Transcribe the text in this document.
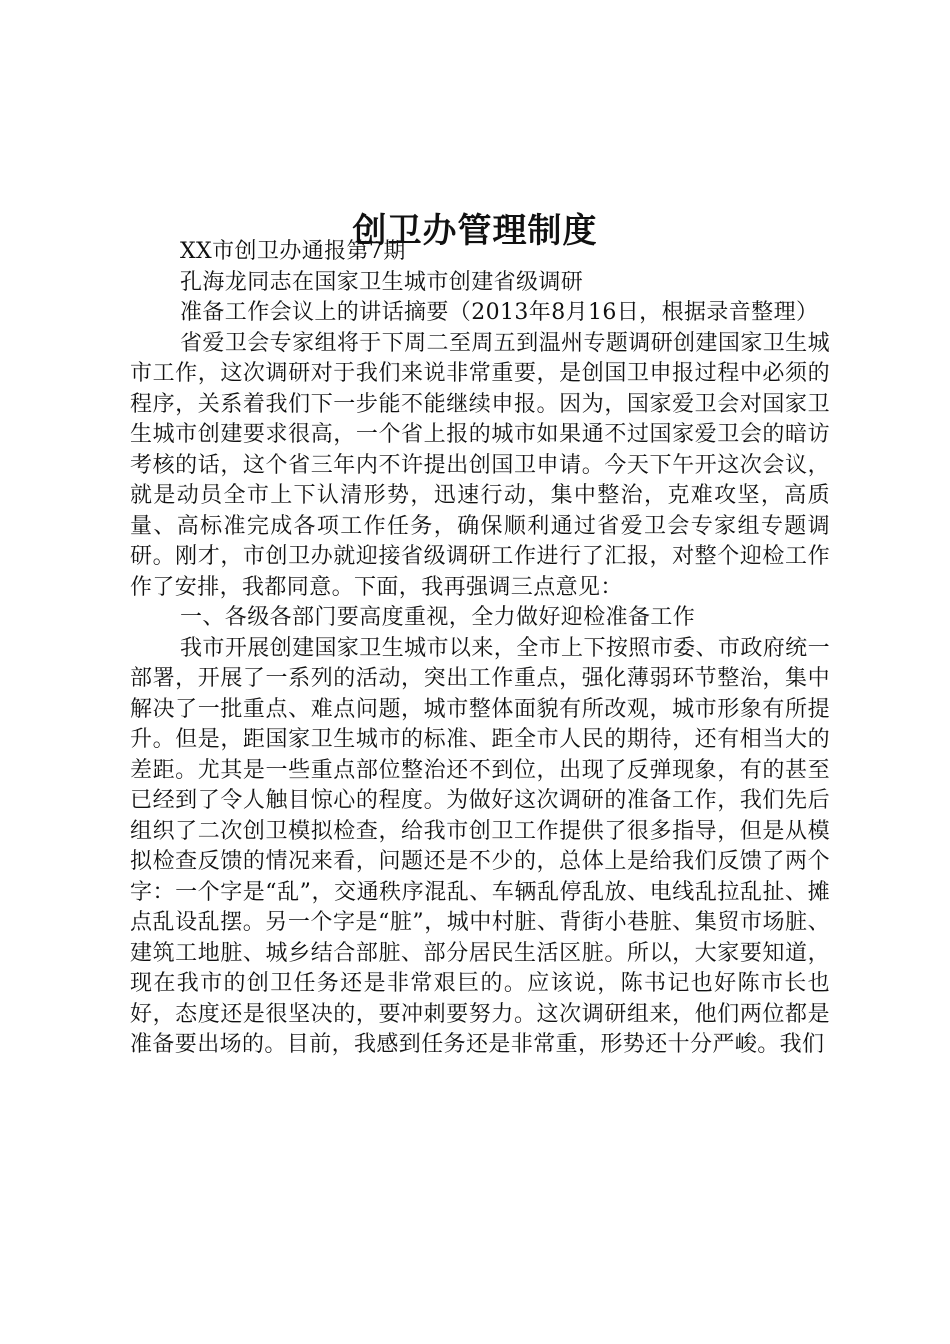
创卫办管理制度

XX市创卫办通报第7期

孔海龙同志在国家卫生城市创建省级调研

准备工作会议上的讲话摘要（2013年8月16日，根据录音整理）

省爱卫会专家组将于下周二至周五到温州专题调研创建国家卫生城市工作，这次调研对于我们来说非常重要，是创国卫申报过程中必须的程序，关系着我们下一步能不能继续申报。因为，国家爱卫会对国家卫生城市创建要求很高，一个省上报的城市如果通不过国家爱卫会的暗访考核的话，这个省三年内不许提出创国卫申请。今天下午开这次会议，就是动员全市上下认清形势，迅速行动，集中整治，克难攻坚，高质量、高标准完成各项工作任务，确保顺利通过省爱卫会专家组专题调研。刚才，市创卫办就迎接省级调研工作进行了汇报，对整个迎检工作作了安排，我都同意。下面，我再强调三点意见：

一、各级各部门要高度重视，全力做好迎检准备工作

我市开展创建国家卫生城市以来，全市上下按照市委、市政府统一部署，开展了一系列的活动，突出工作重点，强化薄弱环节整治，集中解决了一批重点、难点问题，城市整体面貌有所改观，城市形象有所提升。但是，距国家卫生城市的标准、距全市人民的期待，还有相当大的差距。尤其是一些重点部位整治还不到位，出现了反弹现象，有的甚至已经到了令人触目惊心的程度。为做好这次调研的准备工作，我们先后组织了二次创卫模拟检查，给我市创卫工作提供了很多指导，但是从模拟检查反馈的情况来看，问题还是不少的，总体上是给我们反馈了两个字：一个字是“乱”，交通秩序混乱、车辆乱停乱放、电线乱拉乱扯、摊点乱设乱摆。另一个字是“脏”，城中村脏、背街小巷脏、集贸市场脏、建筑工地脏、城乡结合部脏、部分居民生活区脏。所以，大家要知道，现在我市的创卫任务还是非常艰巨的。应该说，陈书记也好陈市长也好，态度还是很坚决的，要冲刺要努力。这次调研组来，他们两位都是准备要出场的。目前，我感到任务还是非常重，形势还十分严峻。我们
